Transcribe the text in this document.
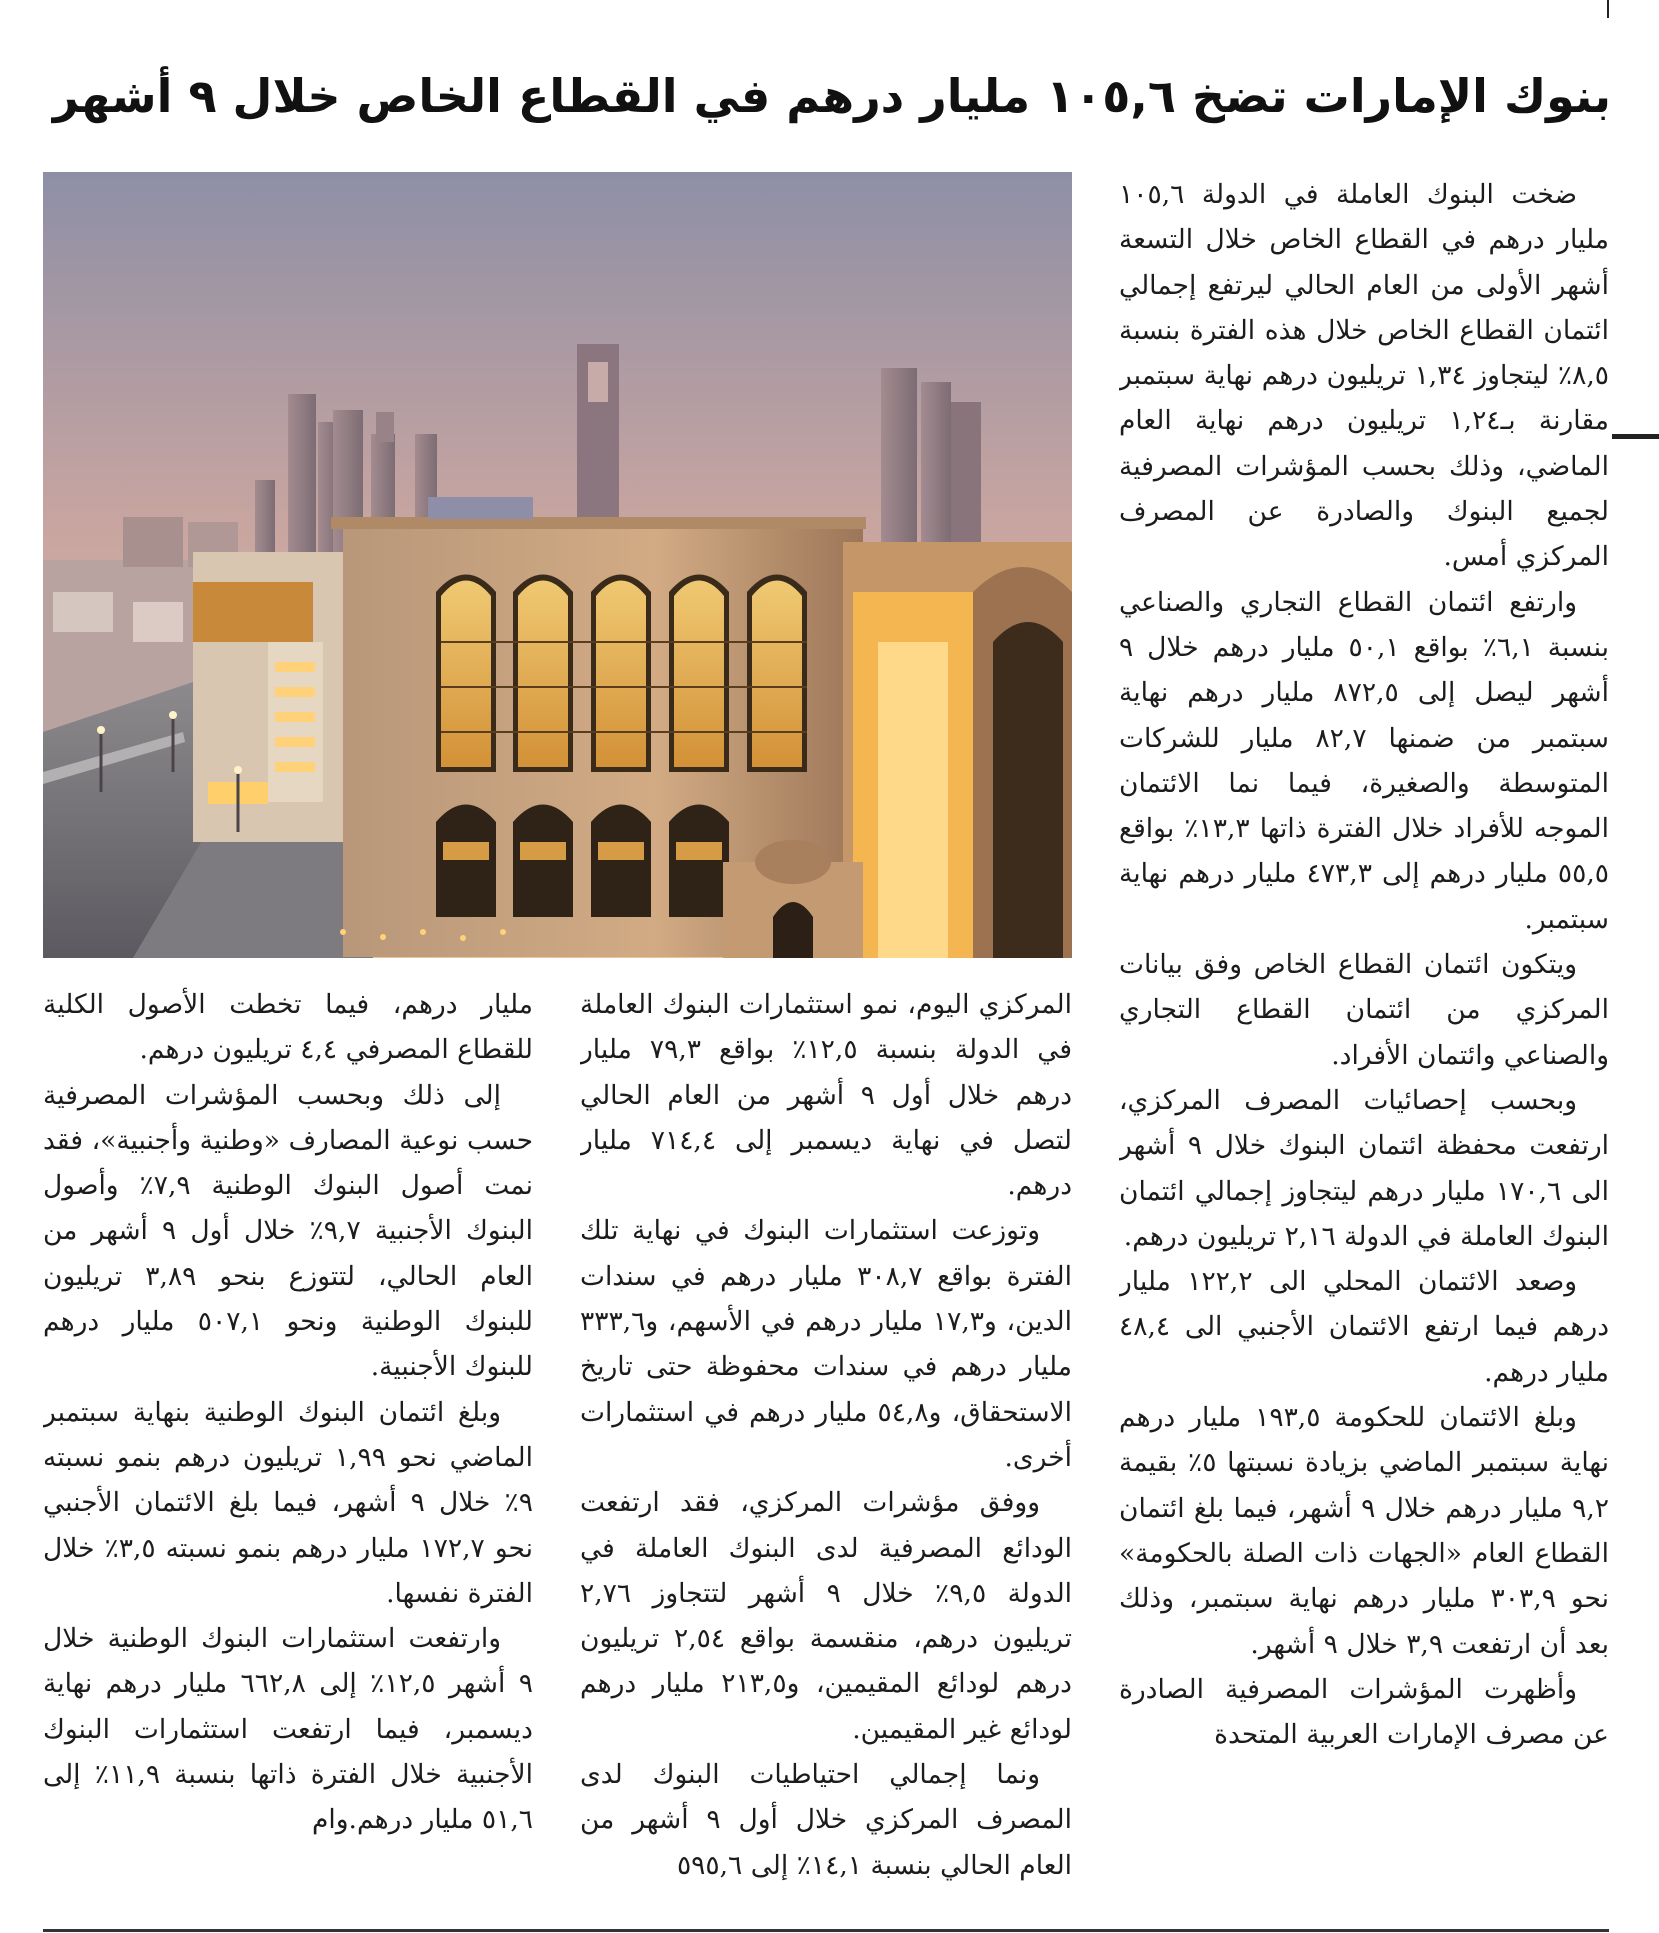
بنوك الإمارات تضخ ١٠٥,٦ مليار درهم في القطاع الخاص خلال ٩ أشهر

ضخت البنوك العاملة في الدولة ١٠٥,٦ مليار درهم في القطاع الخاص خلال التسعة أشهر الأولى من العام الحالي ليرتفع إجمالي ائتمان القطاع الخاص خلال هذه الفترة بنسبة ٨,٥٪ ليتجاوز ١,٣٤ تريليون درهم نهاية سبتمبر مقارنة بـ١,٢٤ تريليون درهم نهاية العام الماضي، وذلك بحسب المؤشرات المصرفية لجميع البنوك والصادرة عن المصرف المركزي أمس.

وارتفع ائتمان القطاع التجاري والصناعي بنسبة ٦,١٪ بواقع ٥٠,١ مليار درهم خلال ٩ أشهر ليصل إلى ٨٧٢,٥ مليار درهم نهاية سبتمبر من ضمنها ٨٢,٧ مليار للشركات المتوسطة والصغيرة، فيما نما الائتمان الموجه للأفراد خلال الفترة ذاتها ١٣,٣٪ بواقع ٥٥,٥ مليار درهم إلى ٤٧٣,٣ مليار درهم نهاية سبتمبر.

ويتكون ائتمان القطاع الخاص وفق بيانات المركزي من ائتمان القطاع التجاري والصناعي وائتمان الأفراد.

وبحسب إحصائيات المصرف المركزي، ارتفعت محفظة ائتمان البنوك خلال ٩ أشهر الى ١٧٠,٦ مليار درهم ليتجاوز إجمالي ائتمان البنوك العاملة في الدولة ٢,١٦ تريليون درهم.

وصعد الائتمان المحلي الى ١٢٢,٢ مليار درهم فيما ارتفع الائتمان الأجنبي الى ٤٨,٤ مليار درهم.

وبلغ الائتمان للحكومة ١٩٣,٥ مليار درهم نهاية سبتمبر الماضي بزيادة نسبتها ٥٪ بقيمة ٩,٢ مليار درهم خلال ٩ أشهر، فيما بلغ ائتمان القطاع العام «الجهات ذات الصلة بالحكومة» نحو ٣٠٣,٩ مليار درهم نهاية سبتمبر، وذلك بعد أن ارتفعت ٣,٩ خلال ٩ أشهر.

وأظهرت المؤشرات المصرفية الصادرة عن مصرف الإمارات العربية المتحدة

المركزي اليوم، نمو استثمارات البنوك العاملة في الدولة بنسبة ١٢,٥٪ بواقع ٧٩,٣ مليار درهم خلال أول ٩ أشهر من العام الحالي لتصل في نهاية ديسمبر إلى ٧١٤,٤ مليار درهم.

وتوزعت استثمارات البنوك في نهاية تلك الفترة بواقع ٣٠٨,٧ مليار درهم في سندات الدين، و١٧,٣ مليار درهم في الأسهم، و٣٣٣,٦ مليار درهم في سندات محفوظة حتى تاريخ الاستحقاق، و٥٤,٨ مليار درهم في استثمارات أخرى.

ووفق مؤشرات المركزي، فقد ارتفعت الودائع المصرفية لدى البنوك العاملة في الدولة ٩,٥٪ خلال ٩ أشهر لتتجاوز ٢,٧٦ تريليون درهم، منقسمة بواقع ٢,٥٤ تريليون درهم لودائع المقيمين، و٢١٣,٥ مليار درهم لودائع غير المقيمين.

ونما إجمالي احتياطيات البنوك لدى المصرف المركزي خلال أول ٩ أشهر من العام الحالي بنسبة ١٤,١٪ إلى ٥٩٥,٦

مليار درهم، فيما تخطت الأصول الكلية للقطاع المصرفي ٤,٤ تريليون درهم.

إلى ذلك وبحسب المؤشرات المصرفية حسب نوعية المصارف «وطنية وأجنبية»، فقد نمت أصول البنوك الوطنية ٧,٩٪ وأصول البنوك الأجنبية ٩,٧٪ خلال أول ٩ أشهر من العام الحالي، لتتوزع بنحو ٣,٨٩ تريليون للبنوك الوطنية ونحو ٥٠٧,١ مليار درهم للبنوك الأجنبية.

وبلغ ائتمان البنوك الوطنية بنهاية سبتمبر الماضي نحو ١,٩٩ تريليون درهم بنمو نسبته ٩٪ خلال ٩ أشهر، فيما بلغ الائتمان الأجنبي نحو ١٧٢,٧ مليار درهم بنمو نسبته ٣,٥٪ خلال الفترة نفسها.

وارتفعت استثمارات البنوك الوطنية خلال ٩ أشهر ١٢,٥٪ إلى ٦٦٢,٨ مليار درهم نهاية ديسمبر، فيما ارتفعت استثمارات البنوك الأجنبية خلال الفترة ذاتها بنسبة ١١,٩٪ إلى ٥١,٦ مليار درهم.وام
